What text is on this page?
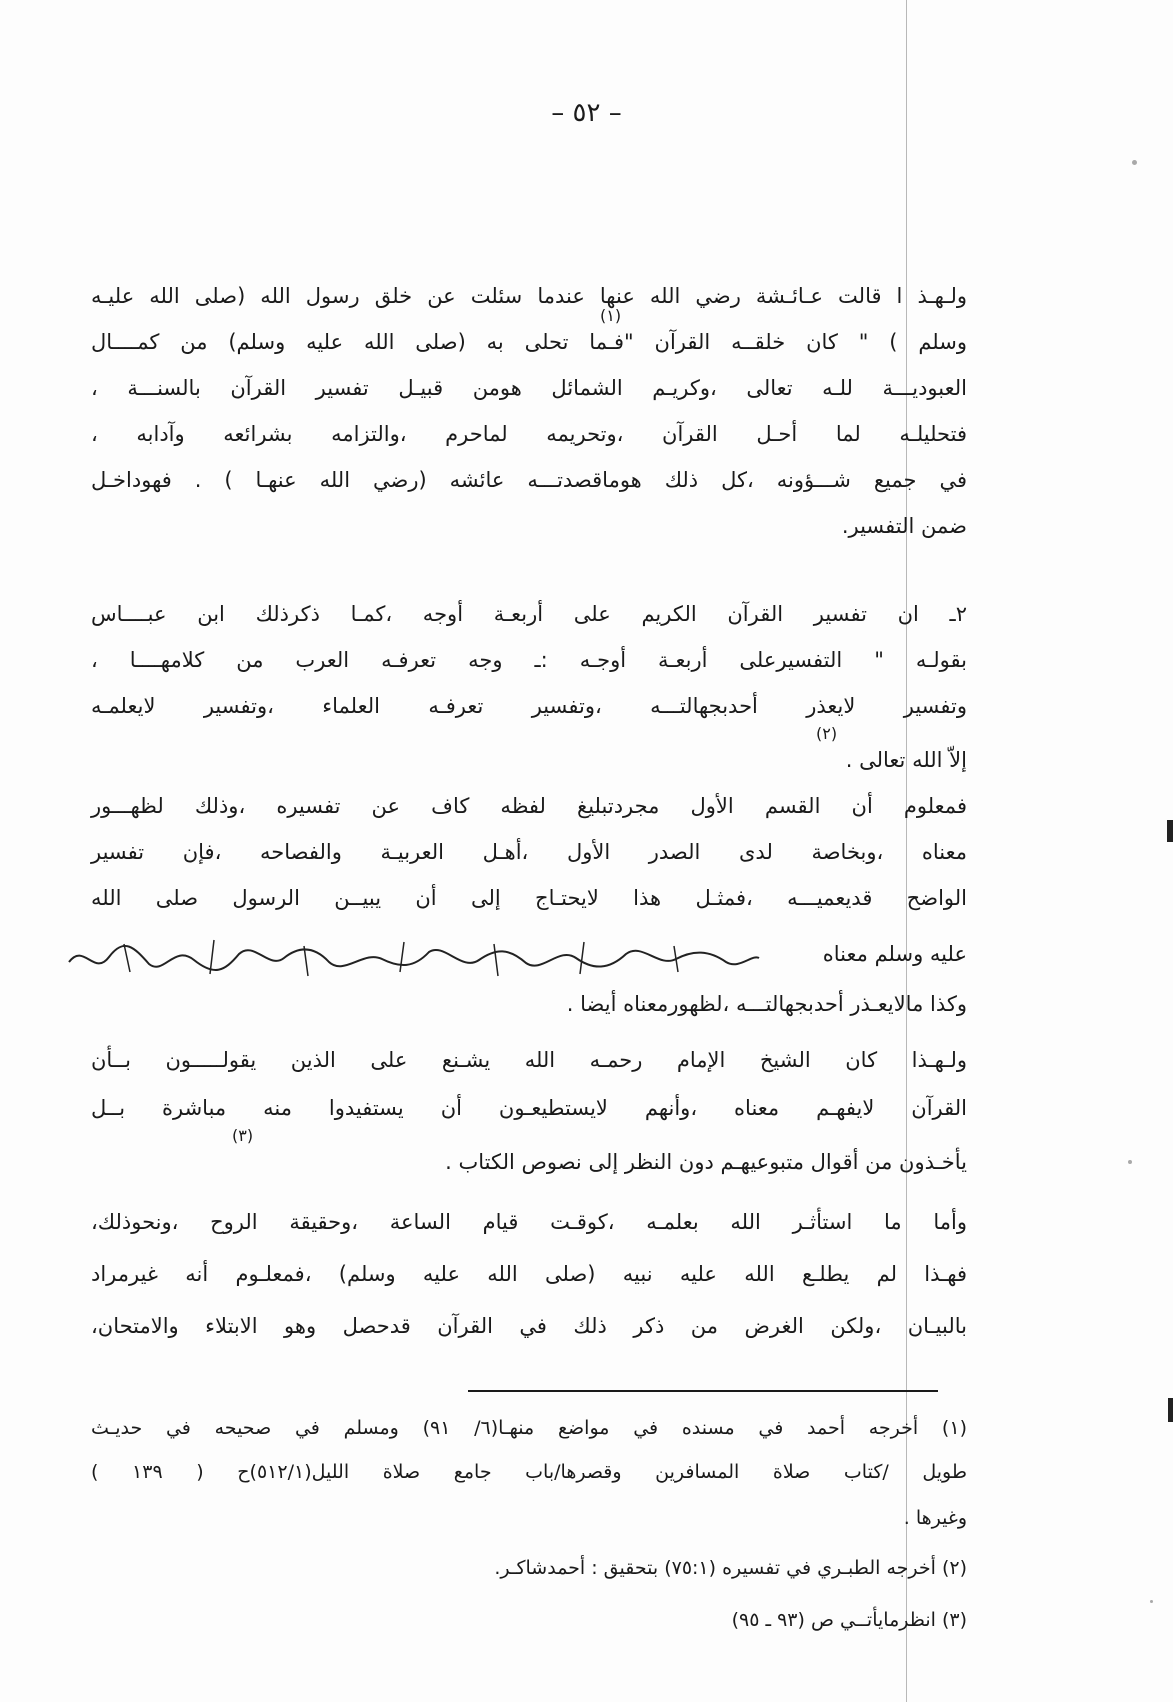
– ٥٢ –
ولـهـذ ا قالت عـائـشة رضي الله عنها عندما سئلت عن خلق رسول الله (صلى الله عليـه
(١)
وسلم ) " كان خلقــه القرآن "فـما تحلى به (صلى الله عليه وسلم) من كمــــال
العبوديـــة للـه تعالى ،وكريـم الشمائل هومن قبيـل تفسير القرآن بالسنـــة ،
فتحليلـه لما أحـل القرآن ،وتحريمه لماحرم ،والتزامه بشرائعه وآدابه ،
في جميع شـــؤونه ،كل ذلك هوماقصدتـــه عائشه (رضي الله عنهـا ) . فهوداخـل
ضمن التفسير.
٢ـ ان تفسير القرآن الكريم على أربعـة أوجه ،كمـا ذكرذلك ابن عبــــاس
بقولـه " التفسيرعلى أربعـة أوجـه :ـ وجه تعرفـه العرب من كلامهــــا ،
وتفسير لايعذر أحدبجهالتـــه ،وتفسير تعرفـه العلماء ،وتفسير لايعلمـه
(٢)
إلاّ الله تعالى .
فمعلوم أن القسم الأول مجردتبليغ لفظه كاف عن تفسيره ،وذلك لظهـــور
معناه ،وبخاصة لدى الصدر الأول ،أهـل العربيـة والفصاحه ،فإن تفسير
الواضح قديعميـــه ،فمثـل هذا لايحتـاج إلى أن يبيــن الرسول صلى الله
عليه وسلم معناه
وكذا مالايعـذر أحدبجهالتـــه ،لظهورمعناه أيضا .
ولـهـذا كان الشيخ الإمام رحمـه الله يشـنع على الذين يقولـــــون بــأن
القرآن لايفهـم معناه ،وأنهم لايستطيعـون أن يستفيدوا منه مباشرة بــل
(٣)
يأخـذون من أقوال متبوعيهـم دون النظر إلى نصوص الكتاب .
وأما ما استأثـر الله بعلمـه ،كوقـت قيام الساعة ،وحقيقة الروح ،ونحوذلك،
فهـذا لم يطلـع الله عليه نبيه (صلى الله عليه وسلم) ،فمعلـوم أنه غيرمراد
بالبيـان ،ولكن الغرض من ذكر ذلك في القرآن قدحصل وهو الابتلاء والامتحان،
(١) أخرجه أحمد في مسنده في مواضع منهـا(٦/ ٩١) ومسلم في صحيحه في حديـث
طويل /كتاب صلاة المسافرين وقصرها/باب جامع صلاة الليل(٥١٢/١)ح ( ١٣٩ )
وغيرها .
(٢) أخرجه الطبـري في تفسيره (٧٥:١) بتحقيق : أحمدشاكـر.
(٣) انظرمايأتــي ص (٩٣ ـ ٩٥)
